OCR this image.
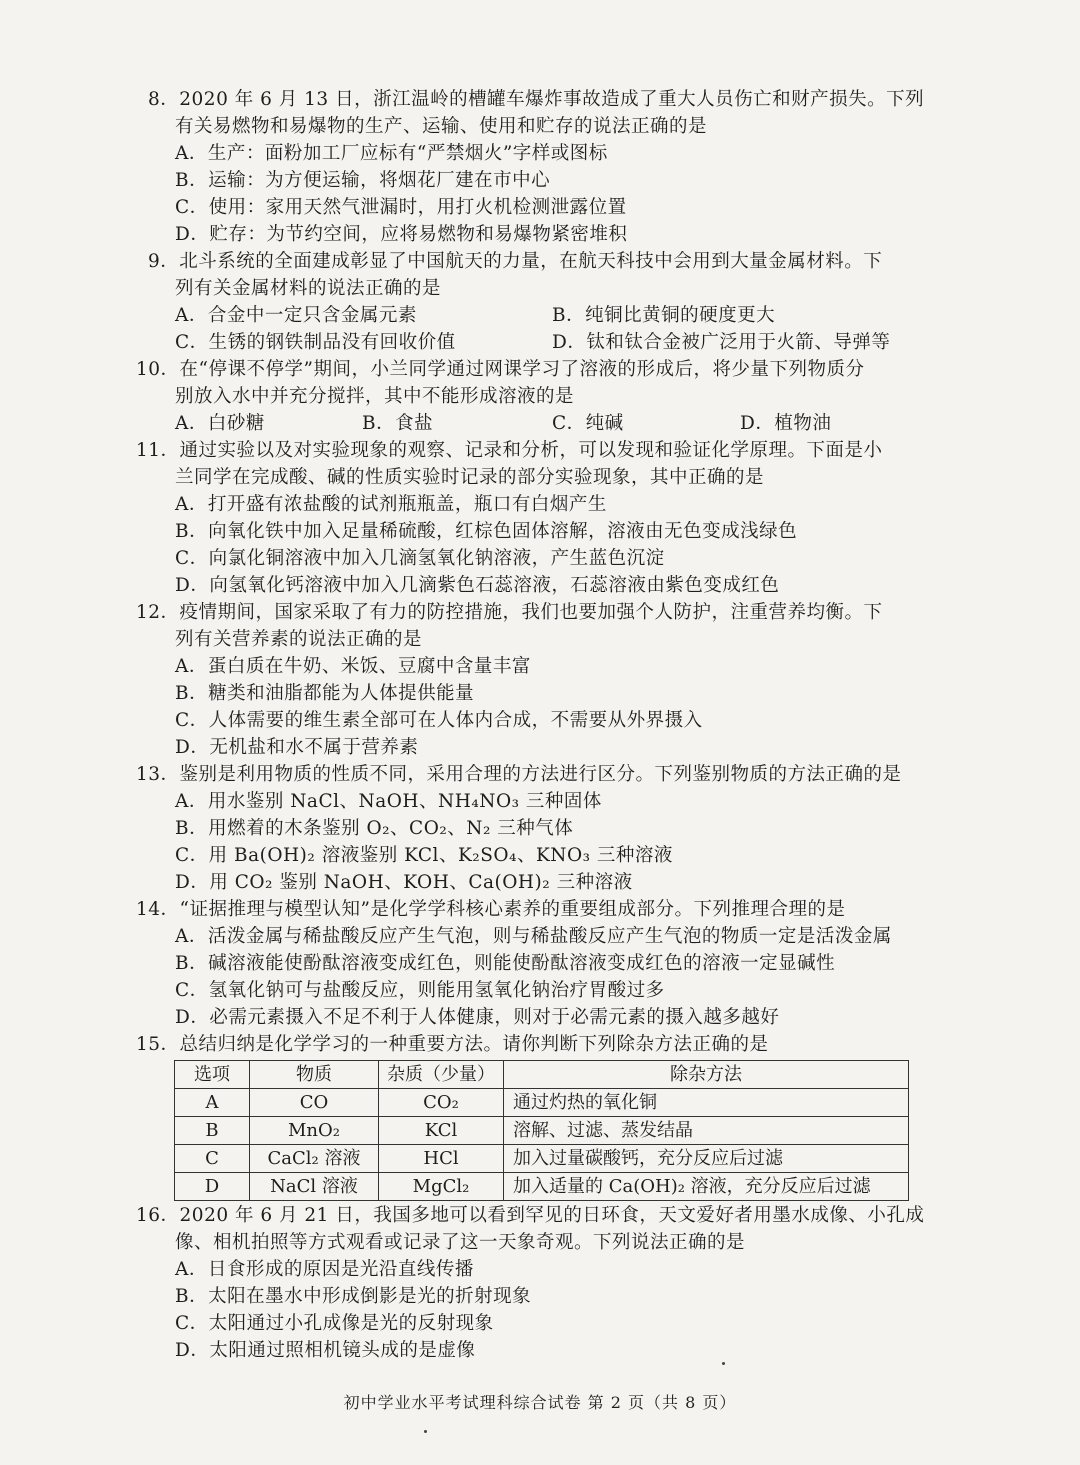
8．2020 年 6 月 13 日，浙江温岭的槽罐车爆炸事故造成了重大人员伤亡和财产损失。下列
有关易燃物和易爆物的生产、运输、使用和贮存的说法正确的是
A．生产：面粉加工厂应标有“严禁烟火”字样或图标
B．运输：为方便运输，将烟花厂建在市中心
C．使用：家用天然气泄漏时，用打火机检测泄露位置
D．贮存：为节约空间，应将易燃物和易爆物紧密堆积
9．北斗系统的全面建成彰显了中国航天的力量，在航天科技中会用到大量金属材料。下
列有关金属材料的说法正确的是
A．合金中一定只含金属元素	B．纯铜比黄铜的硬度更大
C．生锈的钢铁制品没有回收价值	D．钛和钛合金被广泛用于火箭、导弹等
10．在“停课不停学”期间，小兰同学通过网课学习了溶液的形成后，将少量下列物质分
别放入水中并充分搅拌，其中不能形成溶液的是
A．白砂糖	B．食盐	C．纯碱	D．植物油
11．通过实验以及对实验现象的观察、记录和分析，可以发现和验证化学原理。下面是小
兰同学在完成酸、碱的性质实验时记录的部分实验现象，其中正确的是
A．打开盛有浓盐酸的试剂瓶瓶盖，瓶口有白烟产生
B．向氧化铁中加入足量稀硫酸，红棕色固体溶解，溶液由无色变成浅绿色
C．向氯化铜溶液中加入几滴氢氧化钠溶液，产生蓝色沉淀
D．向氢氧化钙溶液中加入几滴紫色石蕊溶液，石蕊溶液由紫色变成红色
12．疫情期间，国家采取了有力的防控措施，我们也要加强个人防护，注重营养均衡。下
列有关营养素的说法正确的是
A．蛋白质在牛奶、米饭、豆腐中含量丰富
B．糖类和油脂都能为人体提供能量
C．人体需要的维生素全部可在人体内合成，不需要从外界摄入
D．无机盐和水不属于营养素
13．鉴别是利用物质的性质不同，采用合理的方法进行区分。下列鉴别物质的方法正确的是
A．用水鉴别 NaCl、NaOH、NH₄NO₃ 三种固体
B．用燃着的木条鉴别 O₂、CO₂、N₂ 三种气体
C．用 Ba(OH)₂ 溶液鉴别 KCl、K₂SO₄、KNO₃ 三种溶液
D．用 CO₂ 鉴别 NaOH、KOH、Ca(OH)₂ 三种溶液
14．“证据推理与模型认知”是化学学科核心素养的重要组成部分。下列推理合理的是
A．活泼金属与稀盐酸反应产生气泡，则与稀盐酸反应产生气泡的物质一定是活泼金属
B．碱溶液能使酚酞溶液变成红色，则能使酚酞溶液变成红色的溶液一定显碱性
C．氢氧化钠可与盐酸反应，则能用氢氧化钠治疗胃酸过多
D．必需元素摄入不足不利于人体健康，则对于必需元素的摄入越多越好
15．总结归纳是化学学习的一种重要方法。请你判断下列除杂方法正确的是
选项	物质	杂质（少量）	除杂方法
A	CO	CO₂	通过灼热的氧化铜
B	MnO₂	KCl	溶解、过滤、蒸发结晶
C	CaCl₂ 溶液	HCl	加入过量碳酸钙，充分反应后过滤
D	NaCl 溶液	MgCl₂	加入适量的 Ca(OH)₂ 溶液，充分反应后过滤
16．2020 年 6 月 21 日，我国多地可以看到罕见的日环食，天文爱好者用墨水成像、小孔成
像、相机拍照等方式观看或记录了这一天象奇观。下列说法正确的是
A．日食形成的原因是光沿直线传播
B．太阳在墨水中形成倒影是光的折射现象
C．太阳通过小孔成像是光的反射现象
D．太阳通过照相机镜头成的是虚像
初中学业水平考试理科综合试卷 第 2 页（共 8 页）
